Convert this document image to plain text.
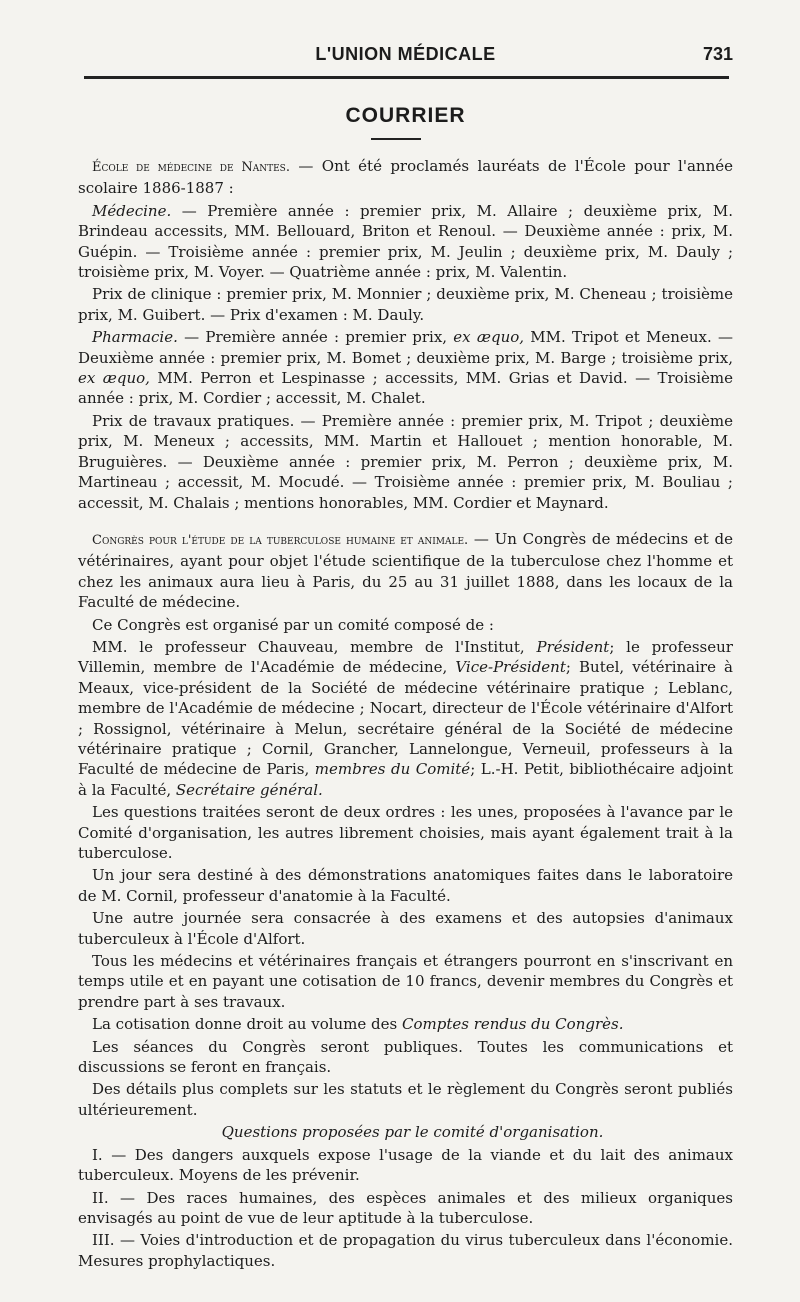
L'UNION MÉDICALE	731
COURRIER

École de médecine de Nantes. — Ont été proclamés lauréats de l'École pour l'année scolaire 1886-1887 :

Médecine. — Première année : premier prix, M. Allaire ; deuxième prix, M. Brindeau accessits, MM. Bellouard, Briton et Renoul. — Deuxième année : prix, M. Guépin. — Troisième année : premier prix, M. Jeulin ; deuxième prix, M. Dauly ; troisième prix, M. Voyer. — Quatrième année : prix, M. Valentin.

Prix de clinique : premier prix, M. Monnier ; deuxième prix, M. Cheneau ; troisième prix, M. Guibert. — Prix d'examen : M. Dauly.

Pharmacie. — Première année : premier prix, ex æquo, MM. Tripot et Meneux. — Deuxième année : premier prix, M. Bomet ; deuxième prix, M. Barge ; troisième prix, ex æquo, MM. Perron et Lespinasse ; accessits, MM. Grias et David. — Troisième année : prix, M. Cordier ; accessit, M. Chalet.

Prix de travaux pratiques. — Première année : premier prix, M. Tripot ; deuxième prix, M. Meneux ; accessits, MM. Martin et Hallouet ; mention honorable, M. Bruguières. — Deuxième année : premier prix, M. Perron ; deuxième prix, M. Martineau ; accessit, M. Mocudé. — Troisième année : premier prix, M. Bouliau ; accessit, M. Chalais ; mentions honorables, MM. Cordier et Maynard.

Congrès pour l'étude de la tuberculose humaine et animale. — Un Congrès de médecins et de vétérinaires, ayant pour objet l'étude scientifique de la tuberculose chez l'homme et chez les animaux aura lieu à Paris, du 25 au 31 juillet 1888, dans les locaux de la Faculté de médecine.

Ce Congrès est organisé par un comité composé de :

MM. le professeur Chauveau, membre de l'Institut, Président; le professeur Villemin, membre de l'Académie de médecine, Vice-Président; Butel, vétérinaire à Meaux, vice-président de la Société de médecine vétérinaire pratique ; Leblanc, membre de l'Académie de médecine ; Nocart, directeur de l'École vétérinaire d'Alfort ; Rossignol, vétérinaire à Melun, secrétaire général de la Société de médecine vétérinaire pratique ; Cornil, Grancher, Lannelongue, Verneuil, professeurs à la Faculté de médecine de Paris, membres du Comité; L.-H. Petit, bibliothécaire adjoint à la Faculté, Secrétaire général.

Les questions traitées seront de deux ordres : les unes, proposées à l'avance par le Comité d'organisation, les autres librement choisies, mais ayant également trait à la tuberculose.

Un jour sera destiné à des démonstrations anatomiques faites dans le laboratoire de M. Cornil, professeur d'anatomie à la Faculté.

Une autre journée sera consacrée à des examens et des autopsies d'animaux tuberculeux à l'École d'Alfort.

Tous les médecins et vétérinaires français et étrangers pourront en s'inscrivant en temps utile et en payant une cotisation de 10 francs, devenir membres du Congrès et prendre part à ses travaux.

La cotisation donne droit au volume des Comptes rendus du Congrès.

Les séances du Congrès seront publiques. Toutes les communications et discussions se feront en français.

Des détails plus complets sur les statuts et le règlement du Congrès seront publiés ultérieurement.

Questions proposées par le comité d'organisation.

I. — Des dangers auxquels expose l'usage de la viande et du lait des animaux tuberculeux. Moyens de les prévenir.

II. — Des races humaines, des espèces animales et des milieux organiques envisagés au point de vue de leur aptitude à la tuberculose.

III. — Voies d'introduction et de propagation du virus tuberculeux dans l'économie. Mesures prophylactiques.
